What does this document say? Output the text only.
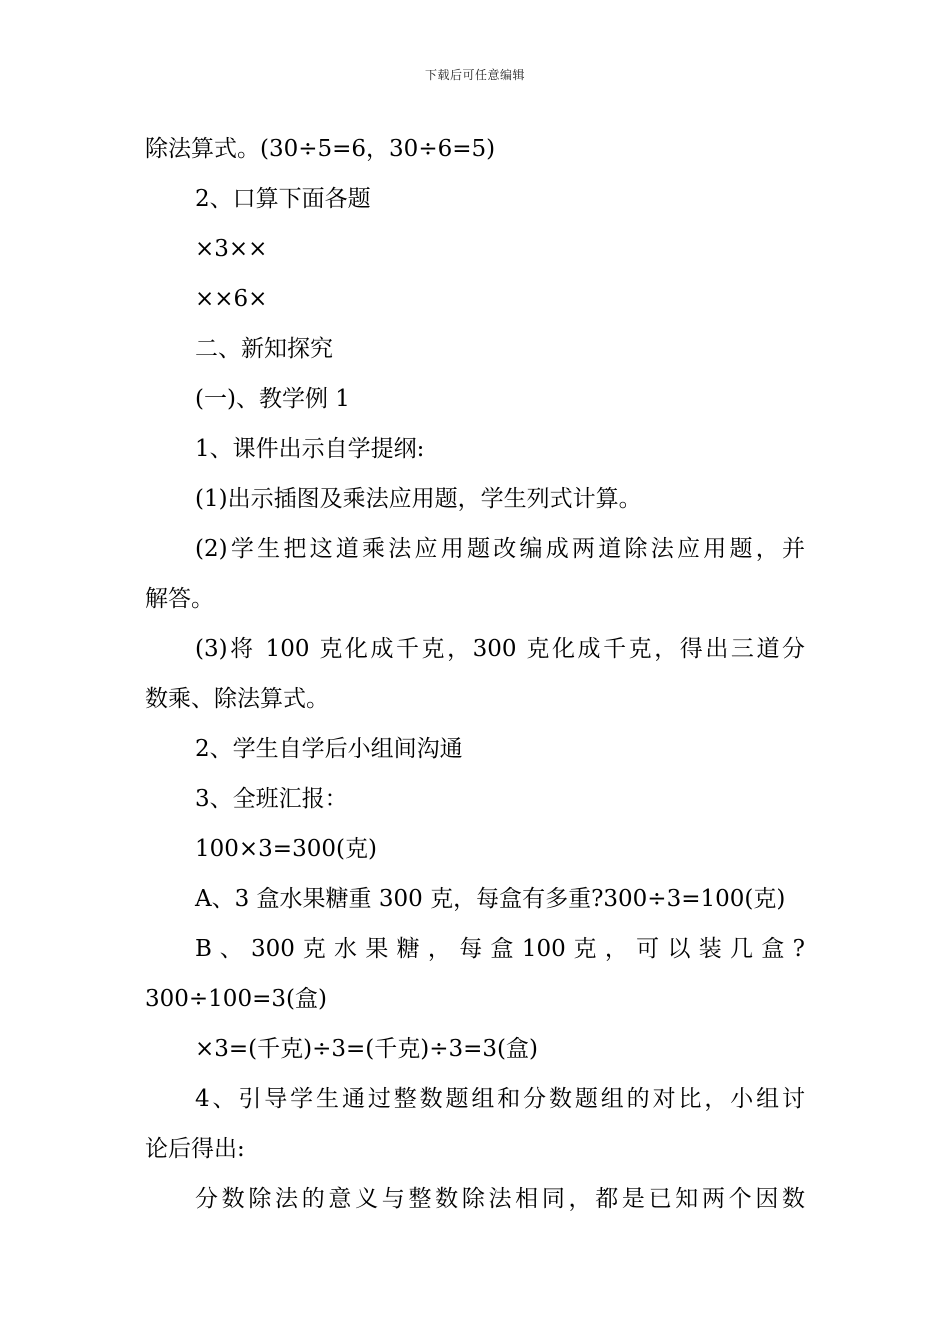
下载后可任意编辑

除法算式。(30÷5=6，30÷6=5)

2、口算下面各题

×3××

××6×

二、新知探究

(一)、教学例 1

1、课件出示自学提纲:

(1)出示插图及乘法应用题，学生列式计算。

(2)学生把这道乘法应用题改编成两道除法应用题，并

解答。

(3)将 100 克化成千克，300 克化成千克，得出三道分

数乘、除法算式。

2、学生自学后小组间沟通

3、全班汇报：

100×3=300(克)

A、3 盒水果糖重 300 克，每盒有多重?300÷3=100(克)

B 、 300 克 水 果 糖 ， 每 盒 100 克 ， 可 以 装 几 盒 ?

300÷100=3(盒)

×3=(千克)÷3=(千克)÷3=3(盒)

4、引导学生通过整数题组和分数题组的对比，小组讨

论后得出:

分数除法的意义与整数除法相同，都是已知两个因数
